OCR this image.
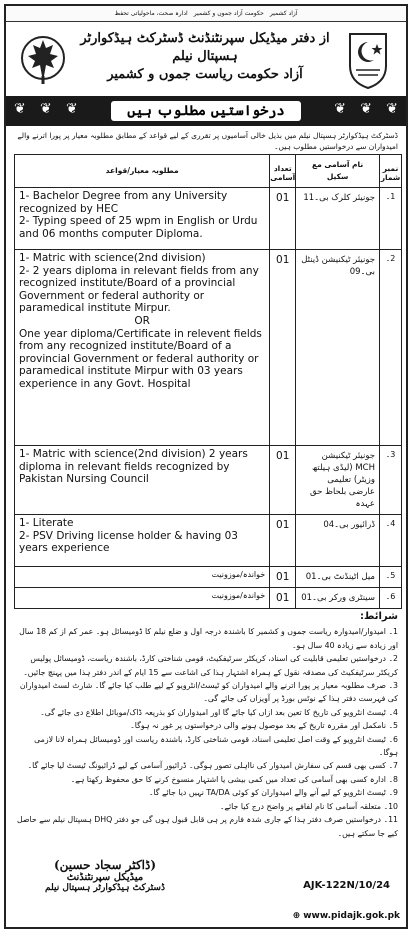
ادارہ صحت، ماحولیاتی تحفظ حکومت آزاد جموں و کشمیر آزاد کشمیر
از دفتر میڈیکل سپرنٹنڈنٹ ڈسٹرکٹ ہیڈکوارٹر ہسپتال نیلم
آزاد حکومت ریاست جموں و کشمیر
❦ ❦ ❦	درخواستیں مطلوب ہیں	❦ ❦ ❦
ڈسٹرکٹ ہیڈکوارٹر ہسپتال نیلم میں بذیل خالی آسامیوں پر تقرری کے لیے قواعد کے مطابق مطلوبہ معیار پر پورا اترنے والے امیدواران سے درخواستیں مطلوب ہیں۔
مطلوبہ معیار/قواعد	تعداد آسامی	نام آسامی مع سکیل	نمبر شمار

1- Bachelor Degree from any University recognized by HEC
2- Typing speed of 25 wpm in English or Urdu and 06 months computer Diploma.	01	جونیئر کلرک بی۔11	1۔

1- Matric with science(2nd division)
2- 2 years diploma in relevant fields from any recognized institute/Board of a provincial Government or federal authority or paramedical institute Mirpur.
OR
One year diploma/Certificate in relevent fields from any recognized institute/Board of a provincial Government or federal authority or paramedical institute Mirpur with 03 years experience in any Govt. Hospital	01	جونیئر ٹیکنیشن ڈینٹل بی۔09	2۔

1- Matric with science(2nd division) 2 years diploma in relevant fields recognized by Pakistan Nursing Council	01	جونیئر ٹیکنیشن MCH (لیڈی ہیلتھ وزیٹر) تعلیمی عارضی بلحاظ حق عہدہ	3۔

1- Literate
2- PSV Driving license holder & having 03 years experience	01	ڈرائیور بی۔04	4۔
خواندہ/موزونیت	01	میل اٹینڈنٹ بی۔01	5۔
خواندہ/موزونیت	01	سینٹری ورکر بی۔01	6۔
شرائط:
1۔ امیدوار/امیدوارہ ریاست جموں و کشمیر کا باشندہ درجہ اول و ضلع نیلم کا ڈومیسائل ہو۔ عمر کم از کم 18 سال اور زیادہ سے زیادہ 40 سال ہو۔
2۔ درخواستیں تعلیمی قابلیت کی اسناد، کریکٹر سرٹیفکیٹ، قومی شناختی کارڈ، باشندہ ریاست، ڈومیسائل پولیس کریکٹر سرٹیفکیٹ کی مصدقہ نقول کے ہمراہ اشتہار ہذا کی اشاعت سے 15 ایام کے اندر دفتر ہذا میں پہنچ جائیں۔
3۔ صرف مطلوبہ معیار پر پورا اترنے والے امیدواران کو ٹیسٹ/انٹرویو کے لیے طلب کیا جائے گا۔ شارٹ لسٹ امیدواران کی فہرست دفتر ہذا کے نوٹس بورڈ پر آویزاں کی جائے گی۔
4۔ ٹیسٹ انٹرویو کی تاریخ کا تعین بعد ازاں کیا جائے گا اور امیدواران کو بذریعہ ڈاک/موبائل اطلاع دی جائے گی۔
5۔ نامکمل اور مقررہ تاریخ کے بعد موصول ہونے والی درخواستوں پر غور نہ ہوگا۔
6۔ ٹیسٹ انٹرویو کے وقت اصل تعلیمی اسناد، قومی شناختی کارڈ، باشندہ ریاست اور ڈومیسائل ہمراہ لانا لازمی ہوگا۔
7۔ کسی بھی قسم کی سفارش امیدوار کی نااہلی تصور ہوگی۔ ڈرائیور آسامی کے لیے ڈرائیونگ ٹیسٹ لیا جائے گا۔
8۔ ادارہ کسی بھی آسامی کی تعداد میں کمی بیشی یا اشتہار منسوخ کرنے کا حق محفوظ رکھتا ہے۔
9۔ ٹیسٹ انٹرویو کے لیے آنے والے امیدواران کو کوئی TA/DA نہیں دیا جائے گا۔
10۔ متعلقہ آسامی کا نام لفافے پر واضح درج کیا جائے۔
11۔ درخواستیں صرف دفتر ہذا کے جاری شدہ فارم پر ہی قابل قبول ہوں گی جو دفتر DHQ ہسپتال نیلم سے حاصل کیے جا سکتے ہیں۔
(ڈاکٹر سجاد حسین)
میڈیکل سپرنٹنڈنٹ
ڈسٹرکٹ ہیڈکوارٹر ہسپتال نیلم	AJK-122N/10/24
⊕ www.pidajk.gok.pk
